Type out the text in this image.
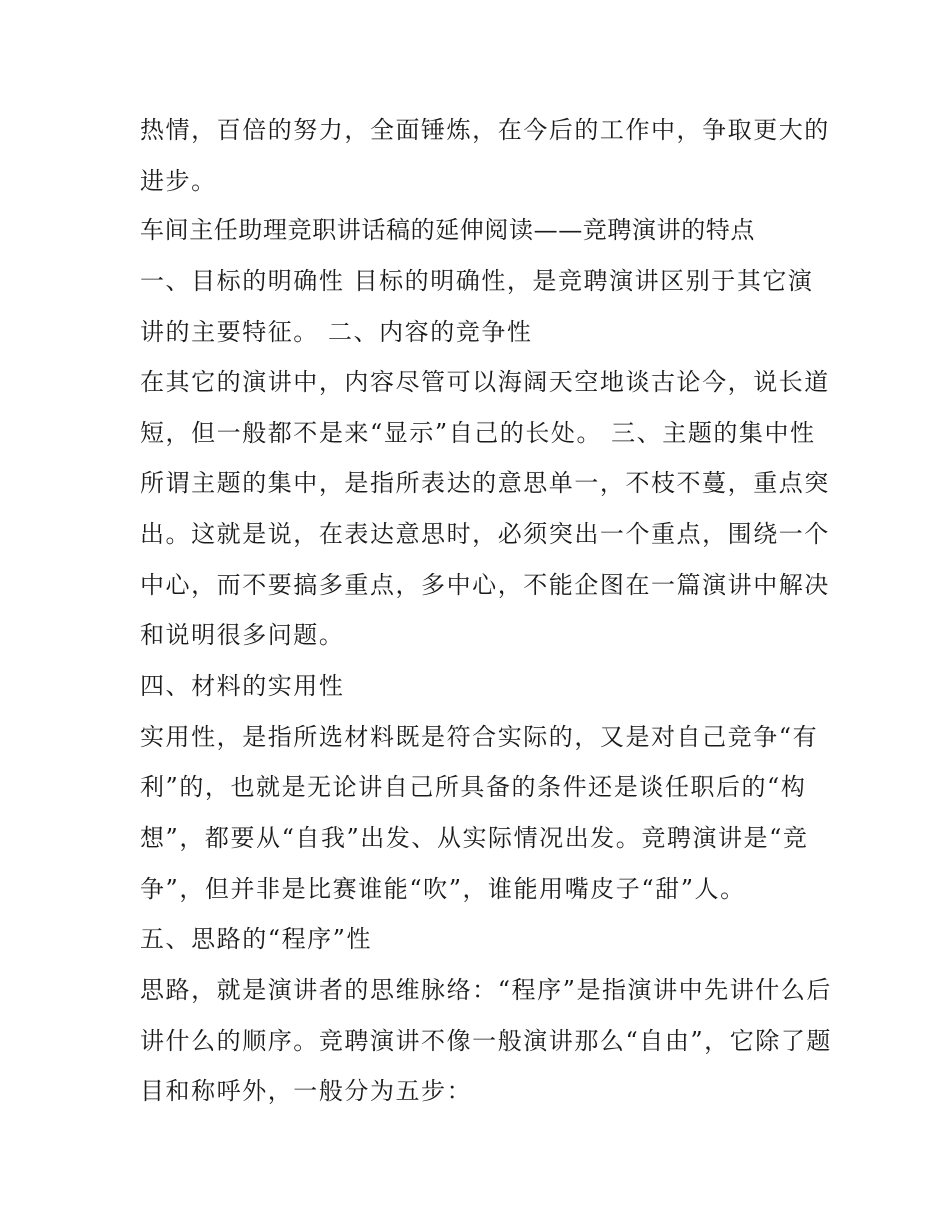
热情，百倍的努力，全面锤炼，在今后的工作中，争取更大的
进步。
车间主任助理竞职讲话稿的延伸阅读——竞聘演讲的特点
一、目标的明确性 目标的明确性，是竞聘演讲区别于其它演
讲的主要特征。 二、内容的竞争性
在其它的演讲中，内容尽管可以海阔天空地谈古论今，说长道
短，但一般都不是来“显示”自己的长处。 三、主题的集中性
所谓主题的集中，是指所表达的意思单一，不枝不蔓，重点突
出。这就是说，在表达意思时，必须突出一个重点，围绕一个
中心，而不要搞多重点，多中心，不能企图在一篇演讲中解决
和说明很多问题。
四、材料的实用性
实用性，是指所选材料既是符合实际的，又是对自己竞争“有
利”的，也就是无论讲自己所具备的条件还是谈任职后的“构
想”，都要从“自我”出发、从实际情况出发。竞聘演讲是“竞
争”，但并非是比赛谁能“吹”，谁能用嘴皮子“甜”人。
五、思路的“程序”性
思路，就是演讲者的思维脉络：“程序”是指演讲中先讲什么后
讲什么的顺序。竞聘演讲不像一般演讲那么“自由”，它除了题
目和称呼外，一般分为五步：
